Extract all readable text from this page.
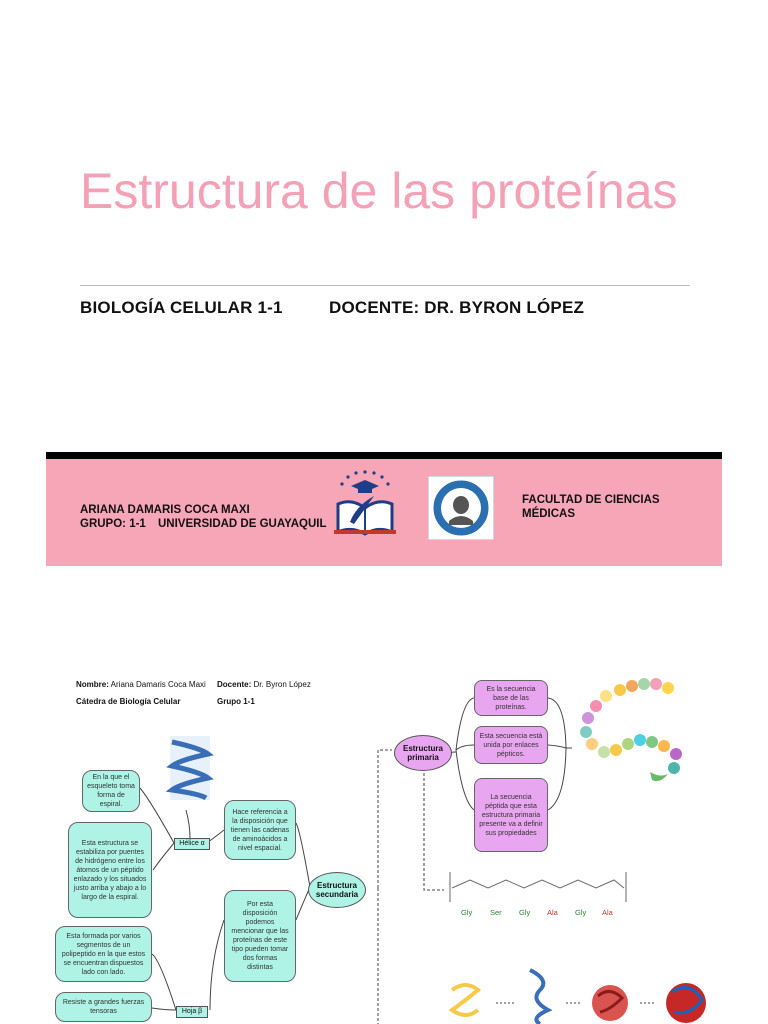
Estructura de las proteínas
BIOLOGÍA CELULAR 1-1	DOCENTE: DR. BYRON LÓPEZ
ARIANA DAMARIS COCA MAXI
GRUPO: 1-1 UNIVERSIDAD DE GUAYAQUIL
FACULTAD DE CIENCIAS
MÉDICAS
Nombre: Ariana Damaris Coca Maxi Docente: Dr. Byron López
Cátedra de Biología Celular	Grupo 1-1
En la que el esqueleto toma forma de espiral.
Esta estructura se estabiliza por puentes de hidrógeno entre los átomos de un péptido enlazado y los situados justo arriba y abajo a lo largo de la espiral.
Hélice α
Esta formada por varios segmentos de un polipeptido en la que estos se encuentran dispuestos lado con lado.
Resiste a grandes fuerzas tensoras	Hoja β
Hace referencia a la disposición que tienen las cadenas de aminoácidos a nivel espacial.
Por esta disposición podemos mencionar que las proteínas de este tipo pueden tomar dos formas distintas
Estructura secundaria
Estructura primaria
Es la secuencia base de las proteínas.
Esta secuencia está unida por enlaces pépticos.
La secuencia péptida que esta estructura primaria presente va a definir sus propiedades
Gly Ser Gly Ala Gly Ala
